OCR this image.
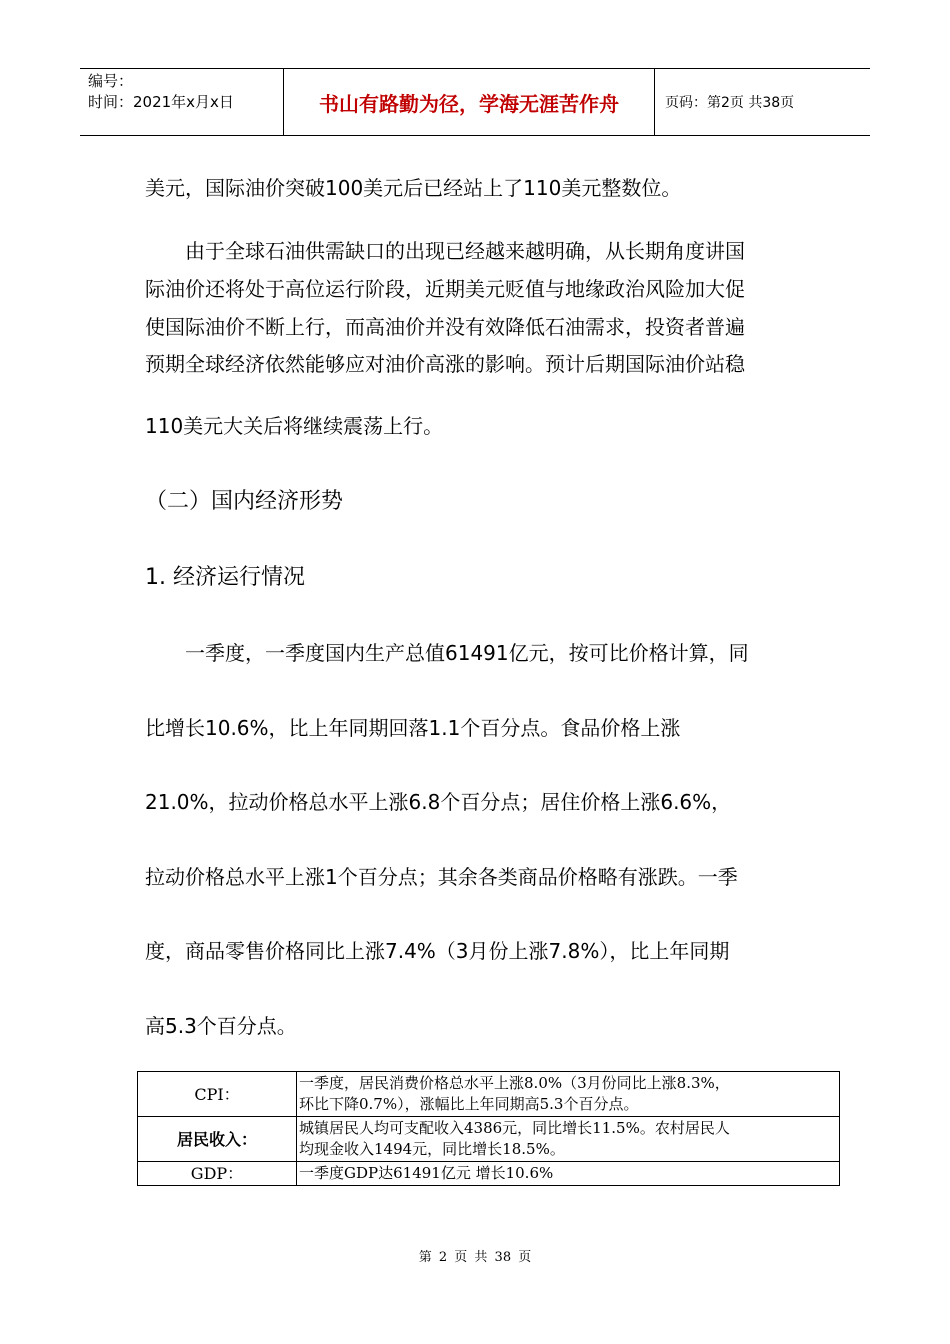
编号：
时间：2021年x月x日	书山有路勤为径，学海无涯苦作舟	页码：第2页 共38页

美元，国际油价突破100美元后已经站上了110美元整数位。

　　由于全球石油供需缺口的出现已经越来越明确，从长期角度讲国

际油价还将处于高位运行阶段，近期美元贬值与地缘政治风险加大促

使国际油价不断上行，而高油价并没有效降低石油需求，投资者普遍

预期全球经济依然能够应对油价高涨的影响。预计后期国际油价站稳

110美元大关后将继续震荡上行。

（二）国内经济形势
1. 经济运行情况

　　一季度，一季度国内生产总值61491亿元，按可比价格计算，同

比增长10.6%，比上年同期回落1.1个百分点。食品价格上涨

21.0%，拉动价格总水平上涨6.8个百分点；居住价格上涨6.6%，

拉动价格总水平上涨1个百分点；其余各类商品价格略有涨跌。一季

度，商品零售价格同比上涨7.4%（3月份上涨7.8%），比上年同期

高5.3个百分点。

CPI：	一季度，居民消费价格总水平上涨8.0%（3月份同比上涨8.3%，
环比下降0.7%），涨幅比上年同期高5.3个百分点。

居民收入：	城镇居民人均可支配收入4386元，同比增长11.5%。农村居民人
均现金收入1494元，同比增长18.5%。

GDP：	一季度GDP达61491亿元 增长10.6%
第 2 页 共 38 页
